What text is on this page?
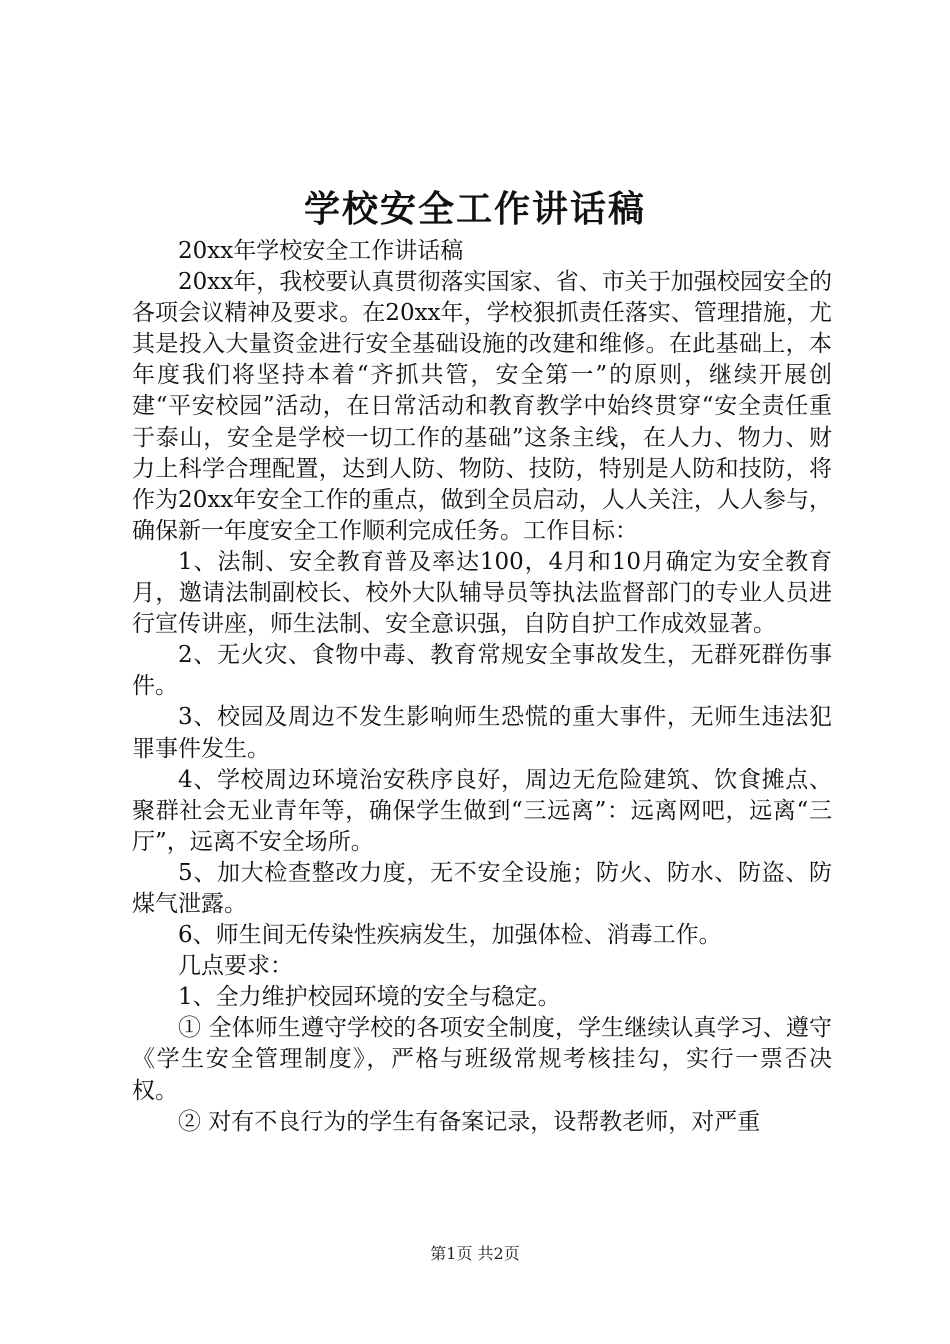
学校安全工作讲话稿

20xx年学校安全工作讲话稿

20xx年，我校要认真贯彻落实国家、省、市关于加强校园安全的各项会议精神及要求。在20xx年，学校狠抓责任落实、管理措施，尤其是投入大量资金进行安全基础设施的改建和维修。在此基础上，本年度我们将坚持本着“齐抓共管，安全第一”的原则，继续开展创建“平安校园”活动，在日常活动和教育教学中始终贯穿“安全责任重于泰山，安全是学校一切工作的基础”这条主线，在人力、物力、财力上科学合理配置，达到人防、物防、技防，特别是人防和技防，将作为20xx年安全工作的重点，做到全员启动，人人关注，人人参与，确保新一年度安全工作顺利完成任务。工作目标：

1、法制、安全教育普及率达100，4月和10月确定为安全教育月，邀请法制副校长、校外大队辅导员等执法监督部门的专业人员进行宣传讲座，师生法制、安全意识强，自防自护工作成效显著。

2、无火灾、食物中毒、教育常规安全事故发生，无群死群伤事件。

3、校园及周边不发生影响师生恐慌的重大事件，无师生违法犯罪事件发生。

4、学校周边环境治安秩序良好，周边无危险建筑、饮食摊点、聚群社会无业青年等，确保学生做到“三远离”：远离网吧，远离“三厅”，远离不安全场所。

5、加大检查整改力度，无不安全设施；防火、防水、防盗、防煤气泄露。

6、师生间无传染性疾病发生，加强体检、消毒工作。

几点要求：

1、全力维护校园环境的安全与稳定。

① 全体师生遵守学校的各项安全制度，学生继续认真学习、遵守《学生安全管理制度》，严格与班级常规考核挂勾，实行一票否决权。

② 对有不良行为的学生有备案记录，设帮教老师，对严重

第1页 共2页
